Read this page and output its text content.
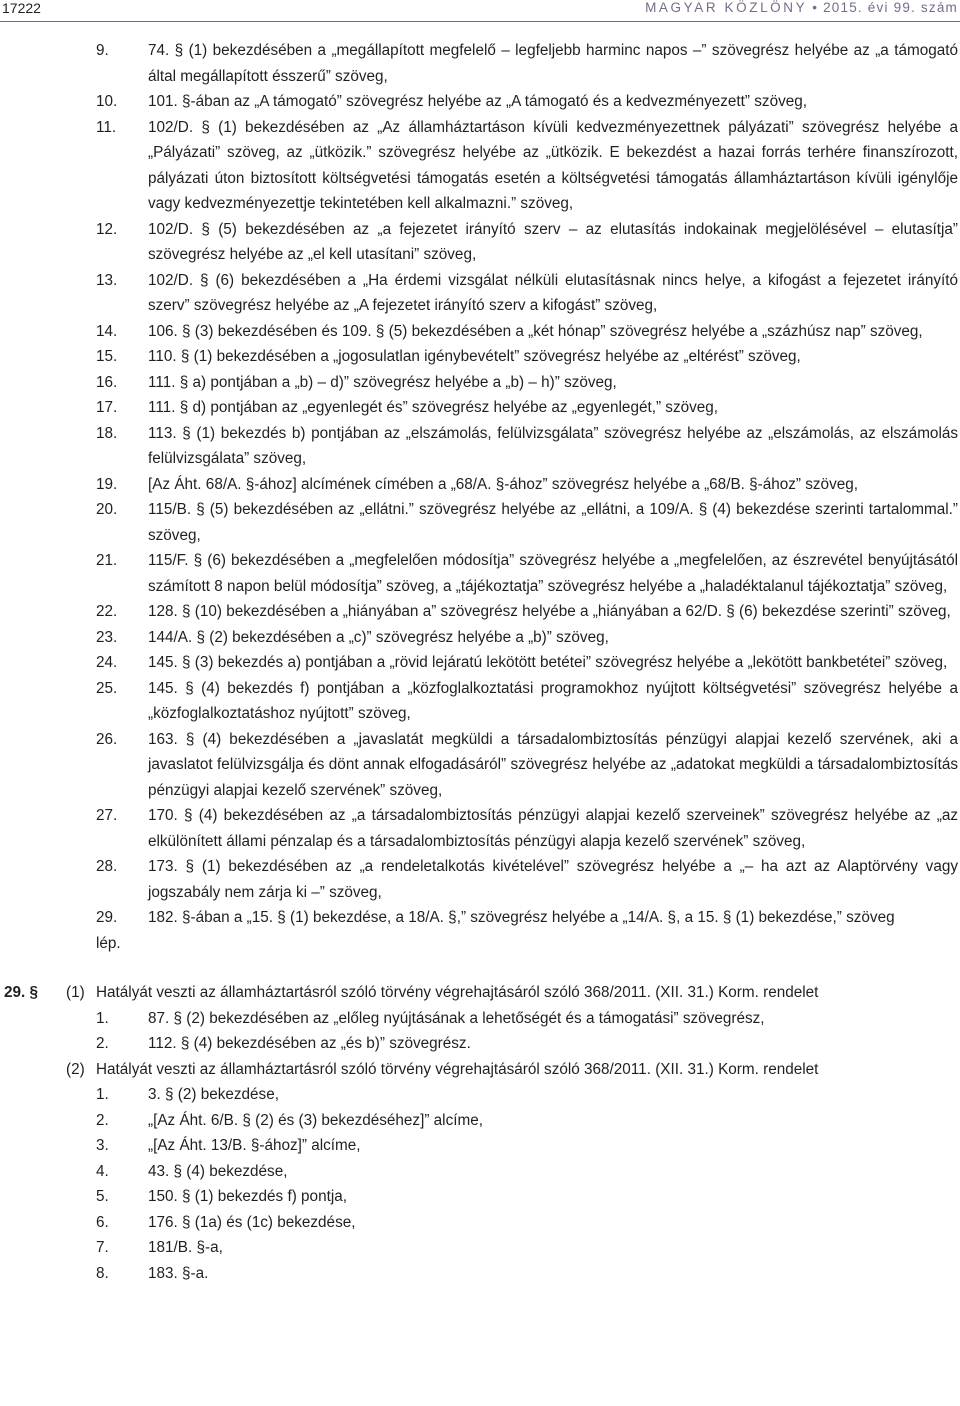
17222	MAGYAR KÖZLÖNY • 2015. évi 99. szám
9.	74. § (1) bekezdésében a „megállapított megfelelő – legfeljebb harminc napos –” szövegrész helyébe az „a támogató által megállapított ésszerű” szöveg,
10.	101. §-ában az „A támogató” szövegrész helyébe az „A támogató és a kedvezményezett” szöveg,
11.	102/D. § (1) bekezdésében az „Az államháztartáson kívüli kedvezményezettnek pályázati” szövegrész helyébe a „Pályázati” szöveg, az „ütközik.” szövegrész helyébe az „ütközik. E bekezdést a hazai forrás terhére finanszírozott, pályázati úton biztosított költségvetési támogatás esetén a költségvetési támogatás államháztartáson kívüli igénylője vagy kedvezményezettje tekintetében kell alkalmazni.” szöveg,
12.	102/D. § (5) bekezdésében az „a fejezetet irányító szerv – az elutasítás indokainak megjelölésével – elutasítja” szövegrész helyébe az „el kell utasítani” szöveg,
13.	102/D. § (6) bekezdésében a „Ha érdemi vizsgálat nélküli elutasításnak nincs helye, a kifogást a fejezetet irányító szerv” szövegrész helyébe az „A fejezetet irányító szerv a kifogást” szöveg,
14.	106. § (3) bekezdésében és 109. § (5) bekezdésében a „két hónap” szövegrész helyébe a „százhúsz nap” szöveg,
15.	110. § (1) bekezdésében a „jogosulatlan igénybevételt” szövegrész helyébe az „eltérést” szöveg,
16.	111. § a) pontjában a „b) – d)” szövegrész helyébe a „b) – h)” szöveg,
17.	111. § d) pontjában az „egyenlegét és” szövegrész helyébe az „egyenlegét,” szöveg,
18.	113. § (1) bekezdés b) pontjában az „elszámolás, felülvizsgálata” szövegrész helyébe az „elszámolás, az elszámolás felülvizsgálata” szöveg,
19.	[Az Áht. 68/A. §-ához] alcímének címében a „68/A. §-ához” szövegrész helyébe a „68/B. §-ához” szöveg,
20.	115/B. § (5) bekezdésében az „ellátni.” szövegrész helyébe az „ellátni, a 109/A. § (4) bekezdése szerinti tartalommal.” szöveg,
21.	115/F. § (6) bekezdésében a „megfelelően módosítja” szövegrész helyébe a „megfelelően, az észrevétel benyújtásától számított 8 napon belül módosítja” szöveg, a „tájékoztatja” szövegrész helyébe a „haladéktalanul tájékoztatja” szöveg,
22.	128. § (10) bekezdésében a „hiányában a” szövegrész helyébe a „hiányában a 62/D. § (6) bekezdése szerinti” szöveg,
23.	144/A. § (2) bekezdésében a „c)” szövegrész helyébe a „b)” szöveg,
24.	145. § (3) bekezdés a) pontjában a „rövid lejáratú lekötött betétei” szövegrész helyébe a „lekötött bankbetétei” szöveg,
25.	145. § (4) bekezdés f) pontjában a „közfoglalkoztatási programokhoz nyújtott költségvetési” szövegrész helyébe a „közfoglalkoztatáshoz nyújtott” szöveg,
26.	163. § (4) bekezdésében a „javaslatát megküldi a társadalombiztosítás pénzügyi alapjai kezelő szervének, aki a javaslatot felülvizsgálja és dönt annak elfogadásáról” szövegrész helyébe az „adatokat megküldi a társadalombiztosítás pénzügyi alapjai kezelő szervének” szöveg,
27.	170. § (4) bekezdésében az „a társadalombiztosítás pénzügyi alapjai kezelő szerveinek” szövegrész helyébe az „az elkülönített állami pénzalap és a társadalombiztosítás pénzügyi alapja kezelő szervének” szöveg,
28.	173. § (1) bekezdésében az „a rendeletalkotás kivételével” szövegrész helyébe a „– ha azt az Alaptörvény vagy jogszabály nem zárja ki –” szöveg,
29.	182. §-ában a „15. § (1) bekezdése, a 18/A. §,” szövegrész helyébe a „14/A. §, a 15. § (1) bekezdése,” szöveg
lép.

29. § (1) Hatályát veszti az államháztartásról szóló törvény végrehajtásáról szóló 368/2011. (XII. 31.) Korm. rendelet
1.	87. § (2) bekezdésében az „előleg nyújtásának a lehetőségét és a támogatási” szövegrész,
2.	112. § (4) bekezdésében az „és b)” szövegrész.
(2) Hatályát veszti az államháztartásról szóló törvény végrehajtásáról szóló 368/2011. (XII. 31.) Korm. rendelet
1.	3. § (2) bekezdése,
2.	„[Az Áht. 6/B. § (2) és (3) bekezdéséhez]” alcíme,
3.	„[Az Áht. 13/B. §-ához]” alcíme,
4.	43. § (4) bekezdése,
5.	150. § (1) bekezdés f) pontja,
6.	176. § (1a) és (1c) bekezdése,
7.	181/B. §-a,
8.	183. §-a.
